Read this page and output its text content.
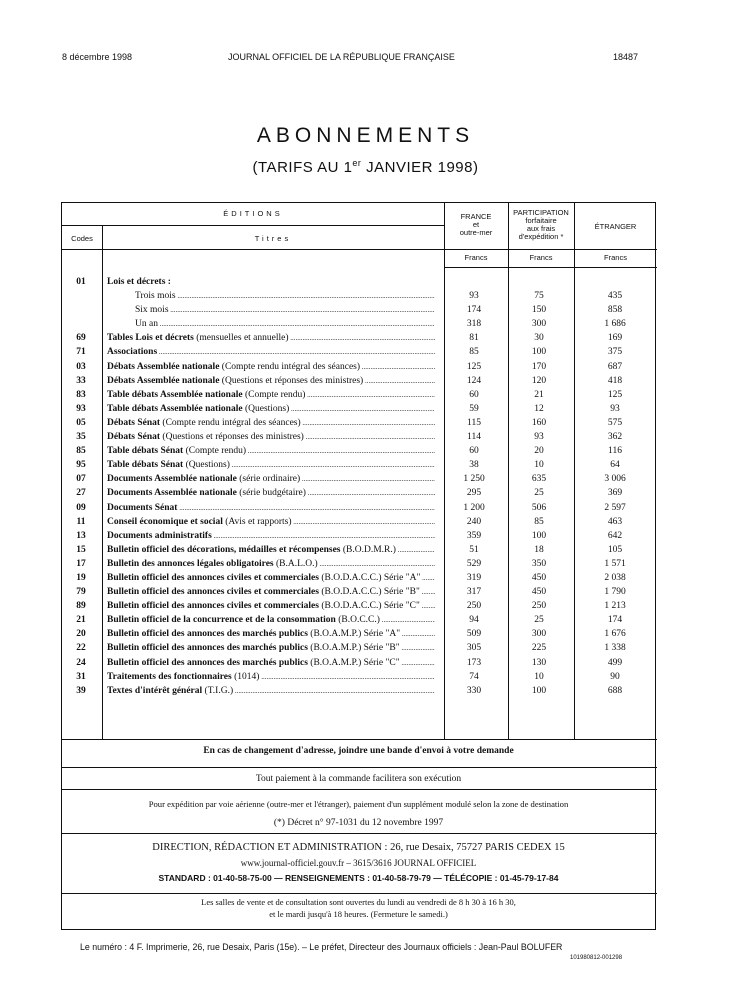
8 décembre 1998	JOURNAL OFFICIEL DE LA RÉPUBLIQUE FRANÇAISE	18487
ABONNEMENTS
(TARIFS AU 1er JANVIER 1998)
ÉDITIONS
Codes	Titres
FRANCE
et
outre-mer
PARTICIPATION
forfaitaire
aux frais
d'expédition *
ÉTRANGER
Francs	Francs	Francs
01	Lois et décrets :
Trois mois .....	93	75	435
Six mois .....	174	150	858
Un an .....	318	300	1 686
69	Tables Lois et décrets (mensuelles et annuelle) .....	81	30	169
71	Associations .....	85	100	375
03	Débats Assemblée nationale (Compte rendu intégral des séances) .....	125	170	687
33	Débats Assemblée nationale (Questions et réponses des ministres) .....	124	120	418
83	Table débats Assemblée nationale (Compte rendu) .....	60	21	125
93	Table débats Assemblée nationale (Questions) .....	59	12	93
05	Débats Sénat (Compte rendu intégral des séances) .....	115	160	575
35	Débats Sénat (Questions et réponses des ministres) .....	114	93	362
85	Table débats Sénat (Compte rendu) .....	60	20	116
95	Table débats Sénat (Questions) .....	38	10	64
07	Documents Assemblée nationale (série ordinaire) .....	1 250	635	3 006
27	Documents Assemblée nationale (série budgétaire) .....	295	25	369
09	Documents Sénat .....	1 200	506	2 597
11	Conseil économique et social (Avis et rapports) .....	240	85	463
13	Documents administratifs .....	359	100	642
15	Bulletin officiel des décorations, médailles et récompenses (B.O.D.M.R.) .....	51	18	105
17	Bulletin des annonces légales obligatoires (B.A.L.O.) .....	529	350	1 571
19	Bulletin officiel des annonces civiles et commerciales (B.O.D.A.C.C.) Série "A" .....	319	450	2 038
79	Bulletin officiel des annonces civiles et commerciales (B.O.D.A.C.C.) Série "B" .....	317	450	1 790
89	Bulletin officiel des annonces civiles et commerciales (B.O.D.A.C.C.) Série "C" .....	250	250	1 213
21	Bulletin officiel de la concurrence et de la consommation (B.O.C.C.) .....	94	25	174
20	Bulletin officiel des annonces des marchés publics (B.O.A.M.P.) Série "A" .....	509	300	1 676
22	Bulletin officiel des annonces des marchés publics (B.O.A.M.P.) Série "B" .....	305	225	1 338
24	Bulletin officiel des annonces des marchés publics (B.O.A.M.P.) Série "C" .....	173	130	499
31	Traitements des fonctionnaires (1014) .....	74	10	90
39	Textes d'intérêt général (T.I.G.) .....	330	100	688
En cas de changement d'adresse, joindre une bande d'envoi à votre demande
Tout paiement à la commande facilitera son exécution
Pour expédition par voie aérienne (outre-mer et l'étranger), paiement d'un supplément modulé selon la zone de destination
(*) Décret n° 97-1031 du 12 novembre 1997
DIRECTION, RÉDACTION ET ADMINISTRATION : 26, rue Desaix, 75727 PARIS CEDEX 15
www.journal-officiel.gouv.fr – 3615/3616 JOURNAL OFFICIEL
STANDARD : 01-40-58-75-00 — RENSEIGNEMENTS : 01-40-58-79-79 — TÉLÉCOPIE : 01-45-79-17-84
Les salles de vente et de consultation sont ouvertes du lundi au vendredi de 8 h 30 à 16 h 30,
et le mardi jusqu'à 18 heures. (Fermeture le samedi.)
Le numéro : 4 F. Imprimerie, 26, rue Desaix, Paris (15e). – Le préfet, Directeur des Journaux officiels : Jean-Paul BOLUFER
101980812-001298
